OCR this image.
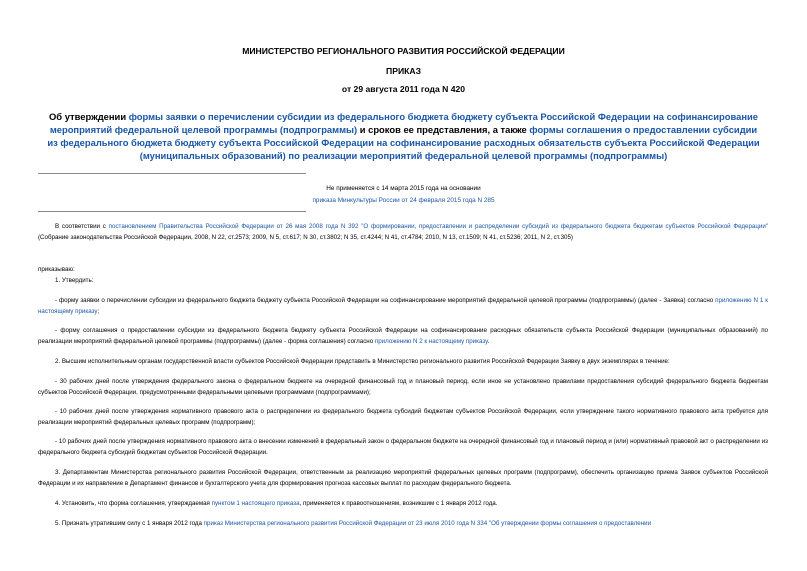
МИНИСТЕРСТВО РЕГИОНАЛЬНОГО РАЗВИТИЯ РОССИЙСКОЙ ФЕДЕРАЦИИ
ПРИКАЗ
от 29 августа 2011 года N 420
Об утверждении формы заявки о перечислении субсидии из федерального бюджета бюджету субъекта Российской Федерации на софинансирование мероприятий федеральной целевой программы (подпрограммы) и сроков ее представления, а также формы соглашения о предоставлении субсидии из федерального бюджета бюджету субъекта Российской Федерации на софинансирование расходных обязательств субъекта Российской Федерации (муниципальных образований) по реализации мероприятий федеральной целевой программы (подпрограммы)
Не применяется с 14 марта 2015 года на основании
приказа Минкультуры России от 24 февраля 2015 года N 285

В соответствии с постановлением Правительства Российской Федерации от 26 мая 2008 года N 392 "О формировании, предоставлении и распределении субсидий из федерального бюджета бюджетам субъектов Российской Федерации" (Собрание законодательства Российской Федерации, 2008, N 22, ст.2573; 2009, N 5, ст.617; N 30, ст.3802; N 35, ст.4244; N 41, ст.4784; 2010, N 13, ст.1509; N 41, ст.5236; 2011, N 2, ст.305)

приказываю:

1. Утвердить:

- форму заявки о перечислении субсидии из федерального бюджета бюджету субъекта Российской Федерации на софинансирование мероприятий федеральной целевой программы (подпрограммы) (далее - Заявка) согласно приложению N 1 к настоящему приказу;

- форму соглашения о предоставлении субсидии из федерального бюджета бюджету субъекта Российской Федерации на софинансирование расходных обязательств субъекта Российской Федерации (муниципальных образований) по реализации мероприятий федеральной целевой программы (подпрограммы) (далее - форма соглашения) согласно приложению N 2 к настоящему приказу.

2. Высшим исполнительным органам государственной власти субъектов Российской Федерации представить в Министерство регионального развития Российской Федерации Заявку в двух экземплярах в течение:

- 30 рабочих дней после утверждения федерального закона о федеральном бюджете на очередной финансовый год и плановый период, если иное не установлено правилами предоставления субсидий федерального бюджета бюджетам субъектов Российской Федерации, предусмотренными федеральными целевыми программами (подпрограммами);

- 10 рабочих дней после утверждения нормативного правового акта о распределении из федерального бюджета субсидий бюджетам субъектов Российской Федерации, если утверждение такого нормативного правового акта требуется для реализации мероприятий федеральных целевых программ (подпрограмм);

- 10 рабочих дней после утверждения нормативного правового акта о внесении изменений в федеральный закон о федеральном бюджете на очередной финансовый год и плановый период и (или) нормативный правовой акт о распределении из федерального бюджета субсидий бюджетам субъектов Российской Федерации.

3. Департаментам Министерства регионального развития Российской Федерации, ответственным за реализацию мероприятий федеральных целевых программ (подпрограмм), обеспечить организацию приема Заявок субъектов Российской Федерации и их направление в Департамент финансов и бухгалтерского учета для формирования прогноза кассовых выплат по расходам федерального бюджета.

4. Установить, что форма соглашения, утверждаемая пунктом 1 настоящего приказа, применяется к правоотношениям, возникшим с 1 января 2012 года.

5. Признать утратившим силу с 1 января 2012 года приказ Министерства регионального развития Российской Федерации от 23 июля 2010 года N 334 "Об утверждении формы соглашения о предоставлении
